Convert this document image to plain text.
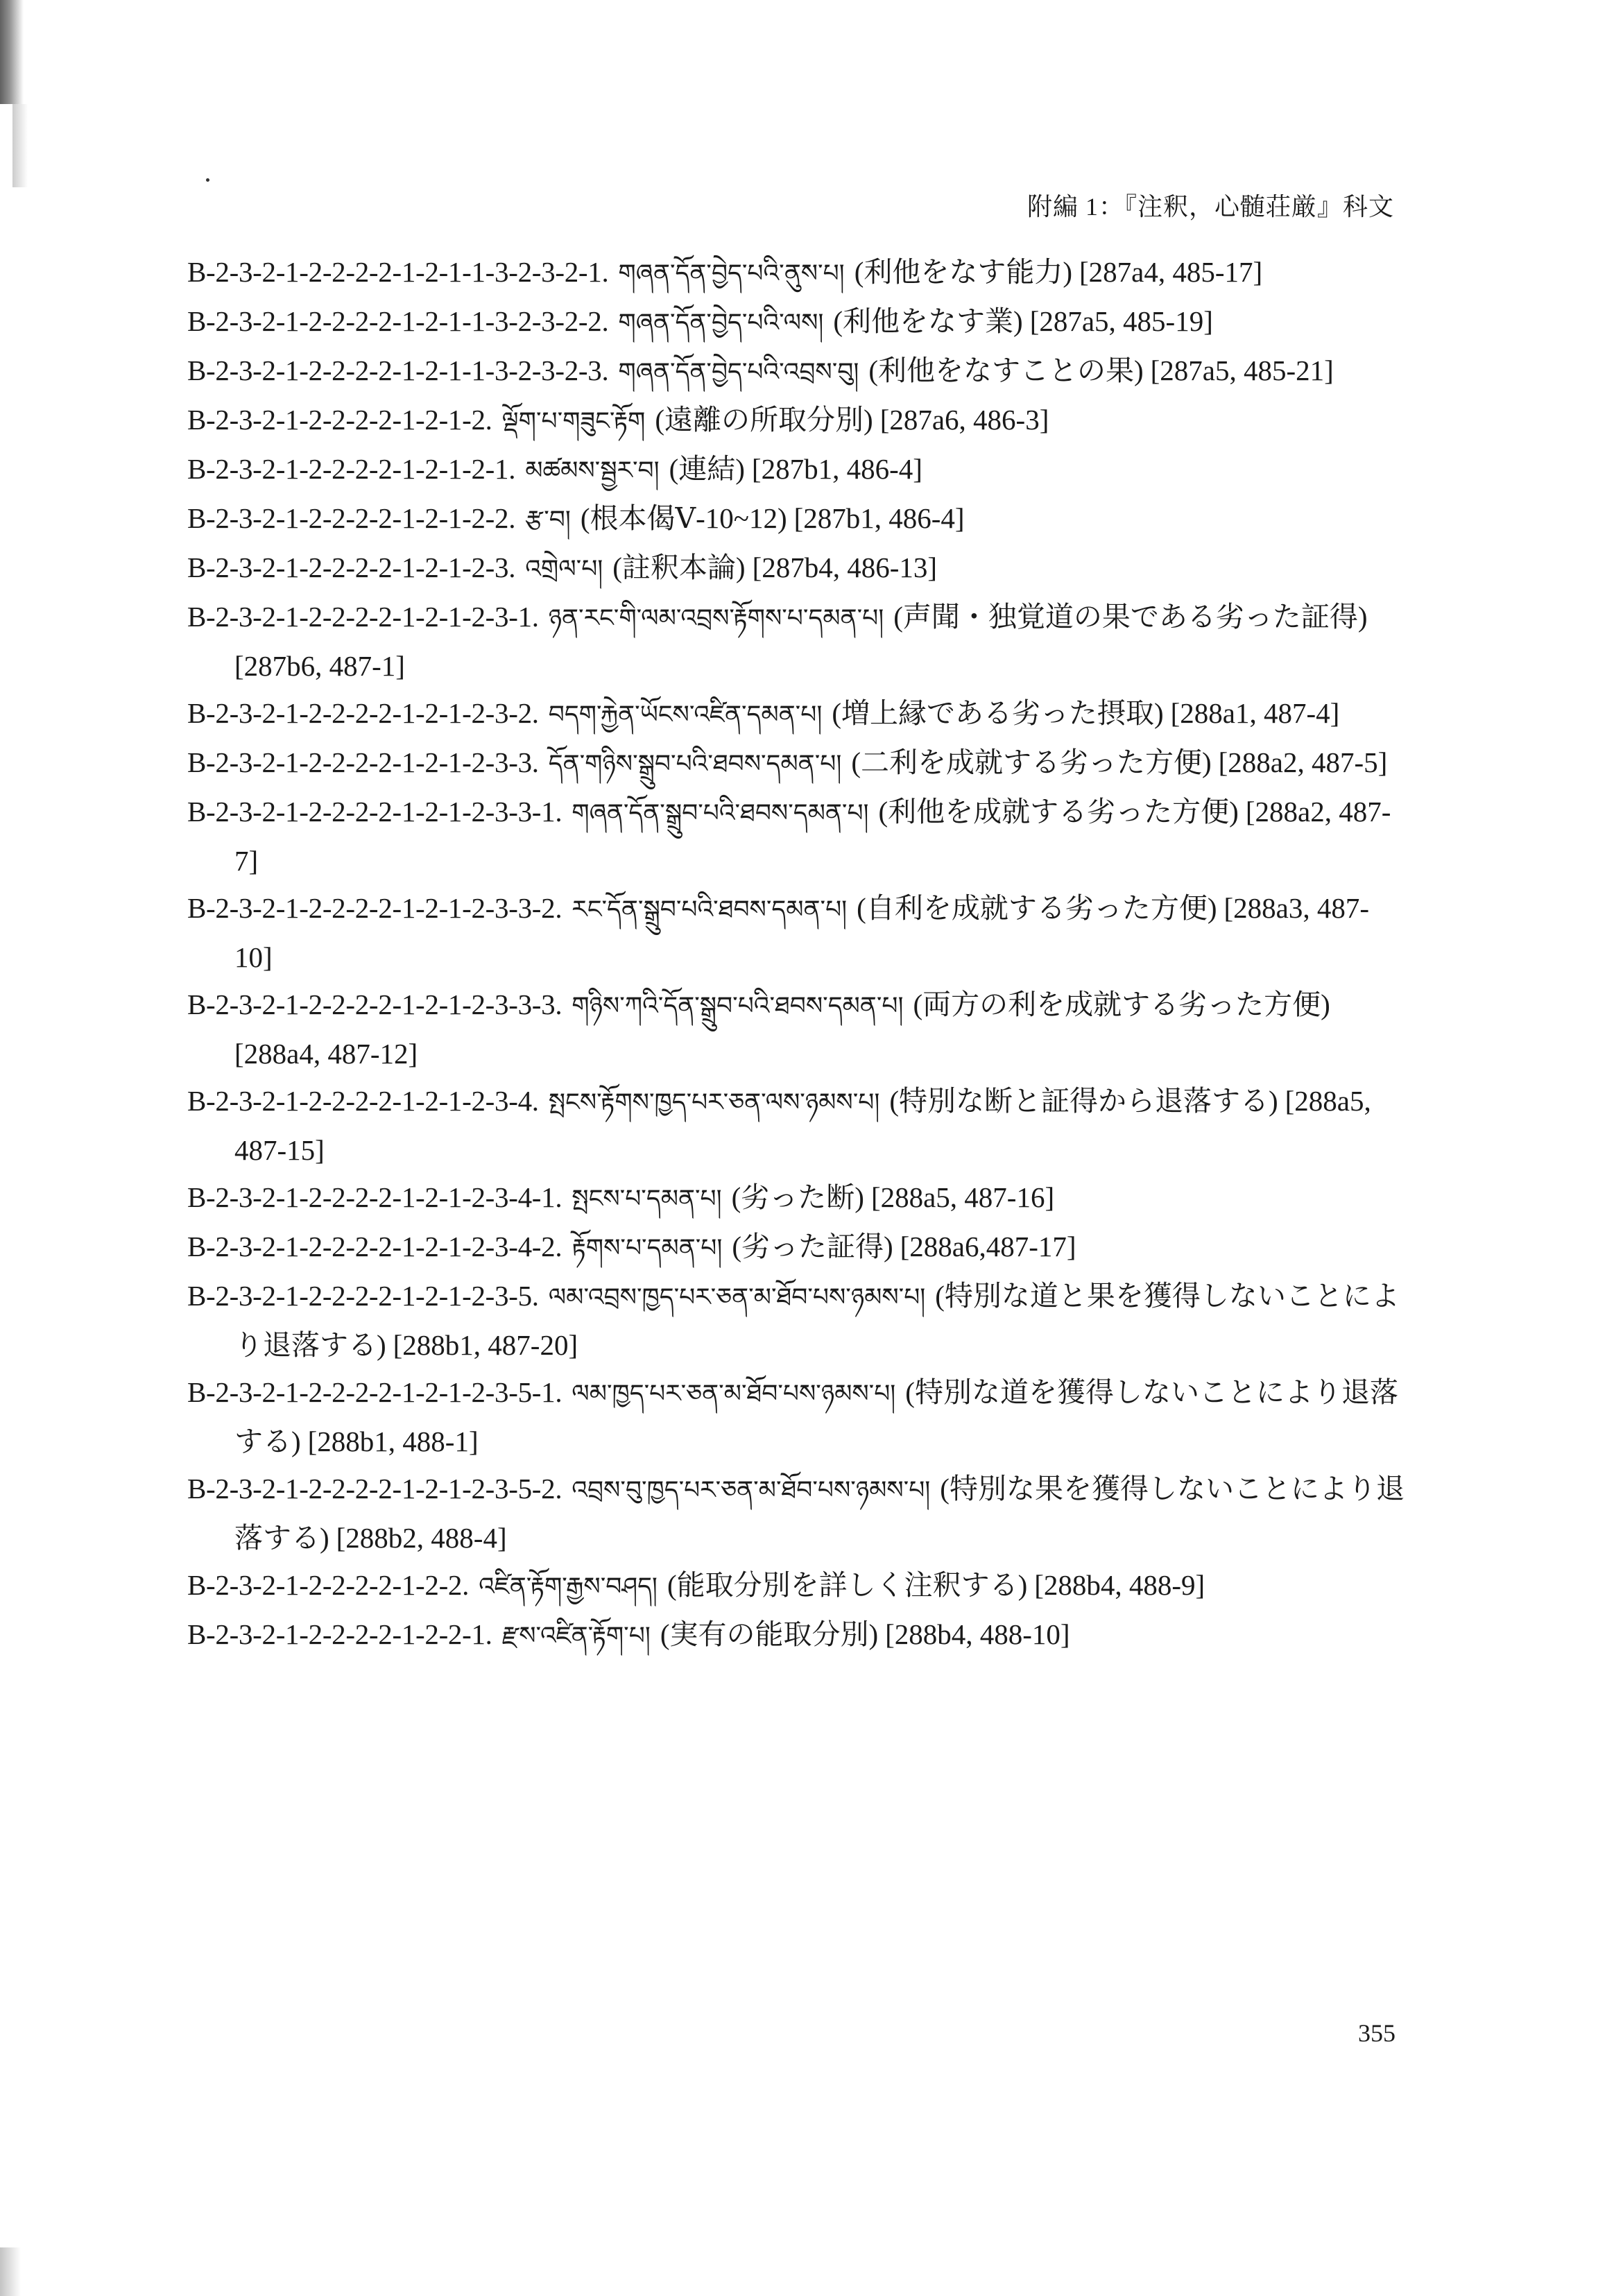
附編 1：『注釈，心髄荘厳』科文
B-2-3-2-1-2-2-2-2-1-2-1-1-3-2-3-2-1. གཞན་དོན་བྱེད་པའི་ནུས་པ། (利他をなす能力) [287a4, 485-17]
B-2-3-2-1-2-2-2-2-1-2-1-1-3-2-3-2-2. གཞན་དོན་བྱེད་པའི་ལས། (利他をなす業) [287a5, 485-19]
B-2-3-2-1-2-2-2-2-1-2-1-1-3-2-3-2-3. གཞན་དོན་བྱེད་པའི་འབྲས་བུ། (利他をなすことの果) [287a5, 485-21]
B-2-3-2-1-2-2-2-2-1-2-1-2. ལྡོག་པ་གཟུང་རྟོག (遠離の所取分別) [287a6, 486-3]
B-2-3-2-1-2-2-2-2-1-2-1-2-1. མཚམས་སྦྱར་བ། (連結) [287b1, 486-4]
B-2-3-2-1-2-2-2-2-1-2-1-2-2. རྩ་བ། (根本偈Ⅴ-10~12) [287b1, 486-4]
B-2-3-2-1-2-2-2-2-1-2-1-2-3. འགྲེལ་པ། (註釈本論) [287b4, 486-13]
B-2-3-2-1-2-2-2-2-1-2-1-2-3-1. ཉན་རང་གི་ལམ་འབྲས་རྟོགས་པ་དམན་པ། (声聞・独覚道の果である劣った証得)[287b6, 487-1]
B-2-3-2-1-2-2-2-2-1-2-1-2-3-2. བདག་རྐྱེན་ཡོངས་འཛིན་དམན་པ། (増上縁である劣った摂取) [288a1, 487-4]
B-2-3-2-1-2-2-2-2-1-2-1-2-3-3. དོན་གཉིས་སྒྲུབ་པའི་ཐབས་དམན་པ། (二利を成就する劣った方便) [288a2, 487-5]
B-2-3-2-1-2-2-2-2-1-2-1-2-3-3-1. གཞན་དོན་སྒྲུབ་པའི་ཐབས་དམན་པ། (利他を成就する劣った方便) [288a2, 487-7]
B-2-3-2-1-2-2-2-2-1-2-1-2-3-3-2. རང་དོན་སྒྲུབ་པའི་ཐབས་དམན་པ། (自利を成就する劣った方便) [288a3, 487-10]
B-2-3-2-1-2-2-2-2-1-2-1-2-3-3-3. གཉིས་ཀའི་དོན་སྒྲུབ་པའི་ཐབས་དམན་པ། (両方の利を成就する劣った方便)[288a4, 487-12]
B-2-3-2-1-2-2-2-2-1-2-1-2-3-4. སྤངས་རྟོགས་ཁྱད་པར་ཅན་ལས་ཉམས་པ། (特別な断と証得から退落する) [288a5, 487-15]
B-2-3-2-1-2-2-2-2-1-2-1-2-3-4-1. སྤངས་པ་དམན་པ། (劣った断) [288a5, 487-16]
B-2-3-2-1-2-2-2-2-1-2-1-2-3-4-2. རྟོགས་པ་དམན་པ། (劣った証得) [288a6,487-17]
B-2-3-2-1-2-2-2-2-1-2-1-2-3-5. ལམ་འབྲས་ཁྱད་པར་ཅན་མ་ཐོབ་པས་ཉམས་པ། (特別な道と果を獲得しないことにより退落する) [288b1, 487-20]
B-2-3-2-1-2-2-2-2-1-2-1-2-3-5-1. ལམ་ཁྱད་པར་ཅན་མ་ཐོབ་པས་ཉམས་པ། (特別な道を獲得しないことにより退落する) [288b1, 488-1]
B-2-3-2-1-2-2-2-2-1-2-1-2-3-5-2. འབྲས་བུ་ཁྱད་པར་ཅན་མ་ཐོབ་པས་ཉམས་པ། (特別な果を獲得しないことにより退落する) [288b2, 488-4]
B-2-3-2-1-2-2-2-2-1-2-2. འཛིན་རྟོག་རྒྱས་བཤད། (能取分別を詳しく注釈する) [288b4, 488-9]
B-2-3-2-1-2-2-2-2-1-2-2-1. རྫས་འཛིན་རྟོག་པ། (実有の能取分別) [288b4, 488-10]
355
